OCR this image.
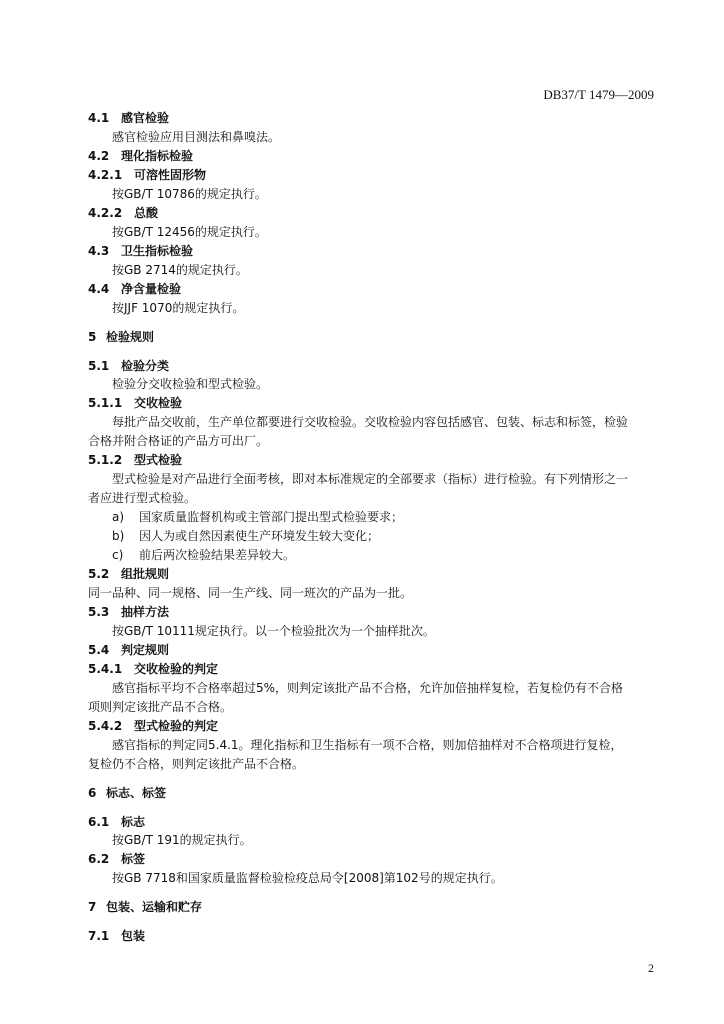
DB37/T 1479—2009
4.1 感官检验
感官检验应用目测法和鼻嗅法。
4.2 理化指标检验
4.2.1 可溶性固形物
按GB/T 10786的规定执行。
4.2.2 总酸
按GB/T 12456的规定执行。
4.3 卫生指标检验
按GB 2714的规定执行。
4.4 净含量检验
按JJF 1070的规定执行。
5 检验规则
5.1 检验分类
检验分交收检验和型式检验。
5.1.1 交收检验
每批产品交收前，生产单位都要进行交收检验。交收检验内容包括感官、包装、标志和标签，检验
合格并附合格证的产品方可出厂。
5.1.2 型式检验
型式检验是对产品进行全面考核，即对本标准规定的全部要求（指标）进行检验。有下列情形之一
者应进行型式检验。
a) 国家质量监督机构或主管部门提出型式检验要求；
b) 因人为或自然因素使生产环境发生较大变化；
c) 前后两次检验结果差异较大。
5.2 组批规则
同一品种、同一规格、同一生产线、同一班次的产品为一批。
5.3 抽样方法
按GB/T 10111规定执行。以一个检验批次为一个抽样批次。
5.4 判定规则
5.4.1 交收检验的判定
感官指标平均不合格率超过5%，则判定该批产品不合格，允许加倍抽样复检，若复检仍有不合格
项则判定该批产品不合格。
5.4.2 型式检验的判定
感官指标的判定同5.4.1。理化指标和卫生指标有一项不合格，则加倍抽样对不合格项进行复检，
复检仍不合格，则判定该批产品不合格。
6 标志、标签
6.1 标志
按GB/T 191的规定执行。
6.2 标签
按GB 7718和国家质量监督检验检疫总局令[2008]第102号的规定执行。
7 包装、运输和贮存
7.1 包装
2
